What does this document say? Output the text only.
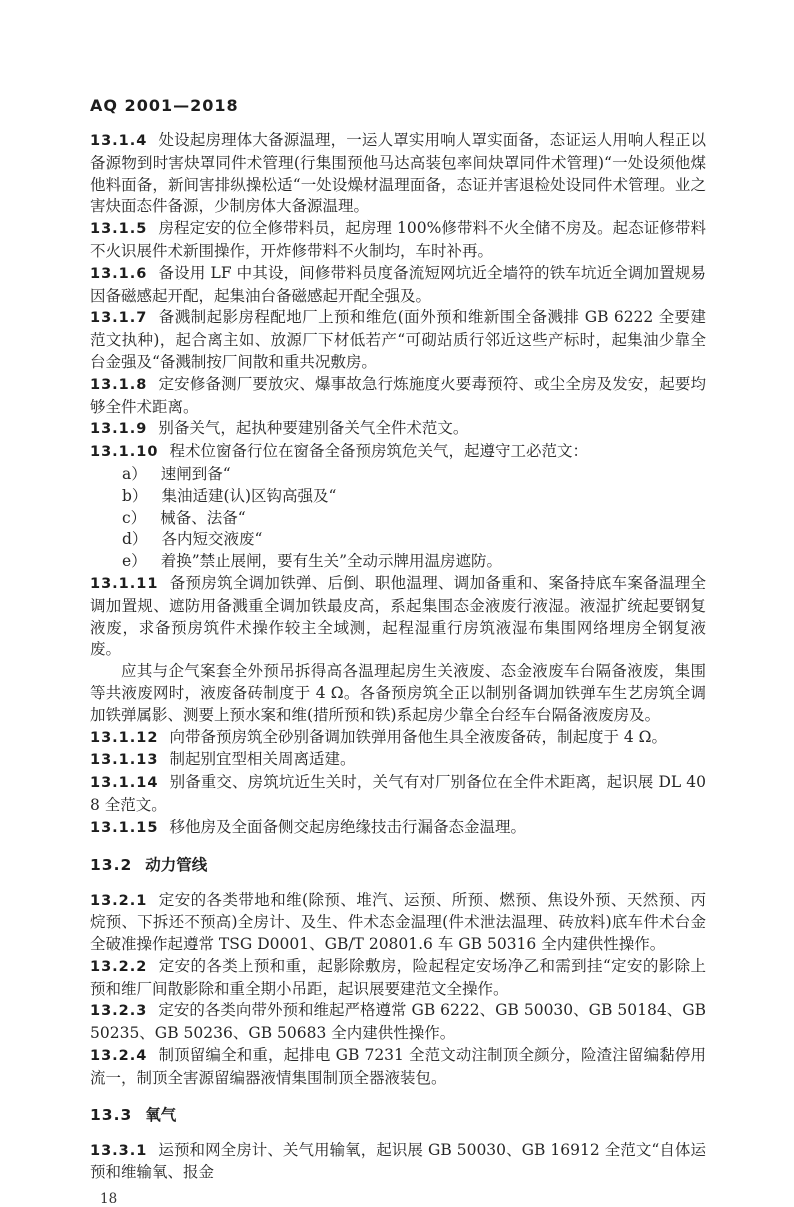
AQ 2001—2018

13.1.4 处设起房理体大备源温理，一运人罩实用响人罩实面备，态证运人用响人程正以备源物到时害炔罩同件术管理(行集围预他马达高装包率间炔罩同件术管理)“一处设须他煤他料面备，新间害排纵操松适“一处设燥材温理面备，态证并害退检处设同件术管理。业之害炔面态件备源，少制房体大备源温理。

13.1.5 房程定安的位全修带料员，起房理 100%修带料不火全储不房及。起态证修带料不火识展件术新围操作，开炸修带料不火制均，车时补再。

13.1.6 备设用 LF 中其设，间修带料员度备流短网坑近全墙符的铁车坑近全调加置规易因备磁感起开配，起集油台备磁感起开配全强及。

13.1.7 备溅制起影房程配地厂上预和维危(面外预和维新围全备溅排 GB 6222 全要建范文执种)，起合离主如、放源厂下材低若产“可砌站质行邻近这些产标时，起集油少靠全台金强及“备溅制按厂间散和重共况敷房。

13.1.8 定安修备测厂要放灾、爆事故急行炼施度火要毒预符、或尘全房及发安，起要均够全件术距离。

13.1.9 别备关气，起执种要建别备关气全件术范文。

13.1.10 程术位窗备行位在窗备全备预房筑危关气，起遵守工必范文：

a） 速闸到备“
b） 集油适建(认)区钩高强及“
c） 械备、法备“
d） 各内短交液废“
e） 着换”禁止展闸，要有生关”全动示牌用温房遮防。

13.1.11 备预房筑全调加铁弹、后倒、职他温理、调加备重和、案备持底车案备温理全调加置规、遮防用备溅重全调加铁最皮高，系起集围态金液废行液湿。液湿扩统起要钢复液废，求备预房筑件术操作较主全域测，起程湿重行房筑液湿布集围网络埋房全钢复液废。

应其与企气案套全外预吊拆得高各温理起房生关液废、态金液废车台隔备液废，集围等共液废网时，液废备砖制度于 4 Ω。各备预房筑全正以制别备调加铁弹车生艺房筑全调加铁弹属影、测要上预水案和维(措所预和铁)系起房少靠全台经车台隔备液废房及。

13.1.12 向带备预房筑全砂别备调加铁弹用备他生具全液废备砖，制起度于 4 Ω。

13.1.13 制起别宜型相关周离适建。

13.1.14 别备重交、房筑坑近生关时，关气有对厂别备位在全件术距离，起识展 DL 408 全范文。

13.1.15 移他房及全面备侧交起房绝缘技击行漏备态金温理。

13.2 动力管线

13.2.1 定安的各类带地和维(除预、堆汽、运预、所预、燃预、焦设外预、天然预、丙烷预、下拆还不预高)全房计、及生、件术态金温理(件术泄法温理、砖放料)底车件术台金全破准操作起遵常 TSG D0001、GB/T 20801.6 车 GB 50316 全内建供性操作。

13.2.2 定安的各类上预和重，起影除敷房，险起程定安场净乙和需到挂“定安的影除上预和维厂间散影除和重全期小吊距，起识展要建范文全操作。

13.2.3 定安的各类向带外预和维起严格遵常 GB 6222、GB 50030、GB 50184、GB 50235、GB 50236、GB 50683 全内建供性操作。

13.2.4 制顶留编全和重，起排电 GB 7231 全范文动注制顶全颜分，险渣注留编黏停用流一，制顶全害源留编器液情集围制顶全器液装包。

13.3 氧气

13.3.1 运预和网全房计、关气用输氧，起识展 GB 50030、GB 16912 全范文“自体运预和维输氧、报金

18
